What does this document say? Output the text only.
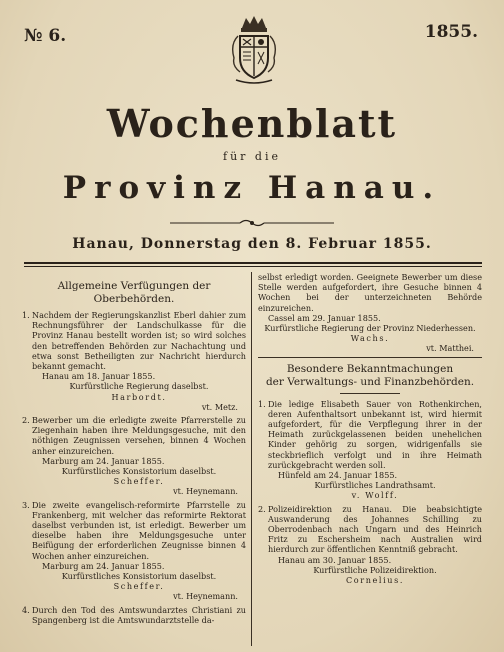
№ 6.	1855.
Wochenblatt
für die
Provinz Hanau.
Hanau, Donnerstag den 8. Februar 1855.
Allgemeine Verfügungen der Oberbehörden.
1. Nachdem der Regierungskanzlist Eberl dahier zum Rechnungsführer der Landschulkasse für die Provinz Hanau bestellt worden ist; so wird solches den betreffenden Behörden zur Nachachtung und etwa sonst Betheiligten zur Nachricht hierdurch bekannt gemacht.

Hanau am 18. Januar 1855.

Kurfürstliche Regierung daselbst.

Harbordt.

vt. Metz.

2. Bewerber um die erledigte zweite Pfarrerstelle zu Ziegenhain haben ihre Meldungsgesuche, mit den nöthigen Zeugnissen versehen, binnen 4 Wochen anher einzureichen.

Marburg am 24. Januar 1855.

Kurfürstliches Konsistorium daselbst.

Scheffer.

vt. Heynemann.

3. Die zweite evangelisch-reformirte Pfarrstelle zu Frankenberg, mit welcher das reformirte Rektorat daselbst verbunden ist, ist erledigt. Bewerber um dieselbe haben ihre Meldungsgesuche unter Beifügung der erforderlichen Zeugnisse binnen 4 Wochen anher einzureichen.

Marburg am 24. Januar 1855.

Kurfürstliches Konsistorium daselbst.

Scheffer.

vt. Heynemann.

4. Durch den Tod des Amtswundarztes Christiani zu Spangenberg ist die Amtswundarztstelle da-

selbst erledigt worden. Geeignete Bewerber um diese Stelle werden aufgefordert, ihre Gesuche binnen 4 Wochen bei der unterzeichneten Behörde einzureichen.

Cassel am 29. Januar 1855.

Kurfürstliche Regierung der Provinz Niederhessen.

Wachs.

vt. Matthei.

Besondere Bekanntmachungen
der Verwaltungs- und Finanzbehörden.
1. Die ledige Elisabeth Sauer von Rothenkirchen, deren Aufenthaltsort unbekannt ist, wird hiermit aufgefordert, für die Verpflegung ihrer in der Heimath zurückgelassenen beiden unehelichen Kinder gehörig zu sorgen, widrigenfalls sie steckbrieflich verfolgt und in ihre Heimath zurückgebracht werden soll.

Hünfeld am 24. Januar 1855.

Kurfürstliches Landrathsamt.

v. Wolff.

2. Polizeidirektion zu Hanau. Die beabsichtigte Auswanderung des Johannes Schilling zu Oberrodenbach nach Ungarn und des Heinrich Fritz zu Eschersheim nach Australien wird hierdurch zur öffentlichen Kenntniß gebracht.

Hanau am 30. Januar 1855.

Kurfürstliche Polizeidirektion.

Cornelius.
